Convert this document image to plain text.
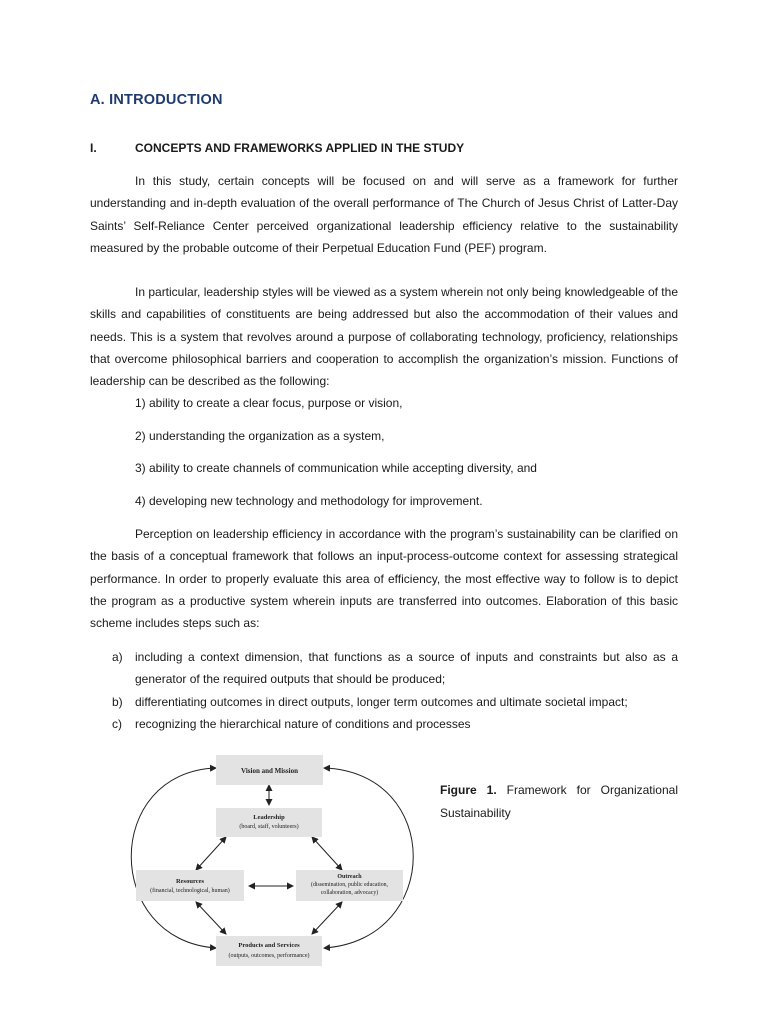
A. INTRODUCTION
I.	CONCEPTS AND FRAMEWORKS APPLIED IN THE STUDY

In this study, certain concepts will be focused on and will serve as a framework for further understanding and in-depth evaluation of the overall performance of The Church of Jesus Christ of Latter-Day Saints’ Self-Reliance Center perceived organizational leadership efficiency relative to the sustainability measured by the probable outcome of their Perpetual Education Fund (PEF) program.

In particular, leadership styles will be viewed as a system wherein not only being knowledgeable of the skills and capabilities of constituents are being addressed but also the accommodation of their values and needs. This is a system that revolves around a purpose of collaborating technology, proficiency, relationships that overcome philosophical barriers and cooperation to accomplish the organization’s mission. Functions of leadership can be described as the following:

1) ability to create a clear focus, purpose or vision,
2) understanding the organization as a system,
3) ability to create channels of communication while accepting diversity, and
4) developing new technology and methodology for improvement.

Perception on leadership efficiency in accordance with the program’s sustainability can be clarified on the basis of a conceptual framework that follows an input-process-outcome context for assessing strategical performance. In order to properly evaluate this area of efficiency, the most effective way to follow is to depict the program as a productive system wherein inputs are transferred into outcomes. Elaboration of this basic scheme includes steps such as:

a)	including a context dimension, that functions as a source of inputs and constraints but also as a generator of the required outputs that should be produced;
b)	differentiating outcomes in direct outputs, longer term outcomes and ultimate societal impact;
c)	recognizing the hierarchical nature of conditions and processes
Vision and Mission
Leadership
(board, staff, volunteers)
Resources
(financial, technological, human)
Outreach
(dissemination, public education,
collaboration, advocacy)
Products and Services
(outputs, outcomes, performance)
Figure 1. Framework for Organizational Sustainability
